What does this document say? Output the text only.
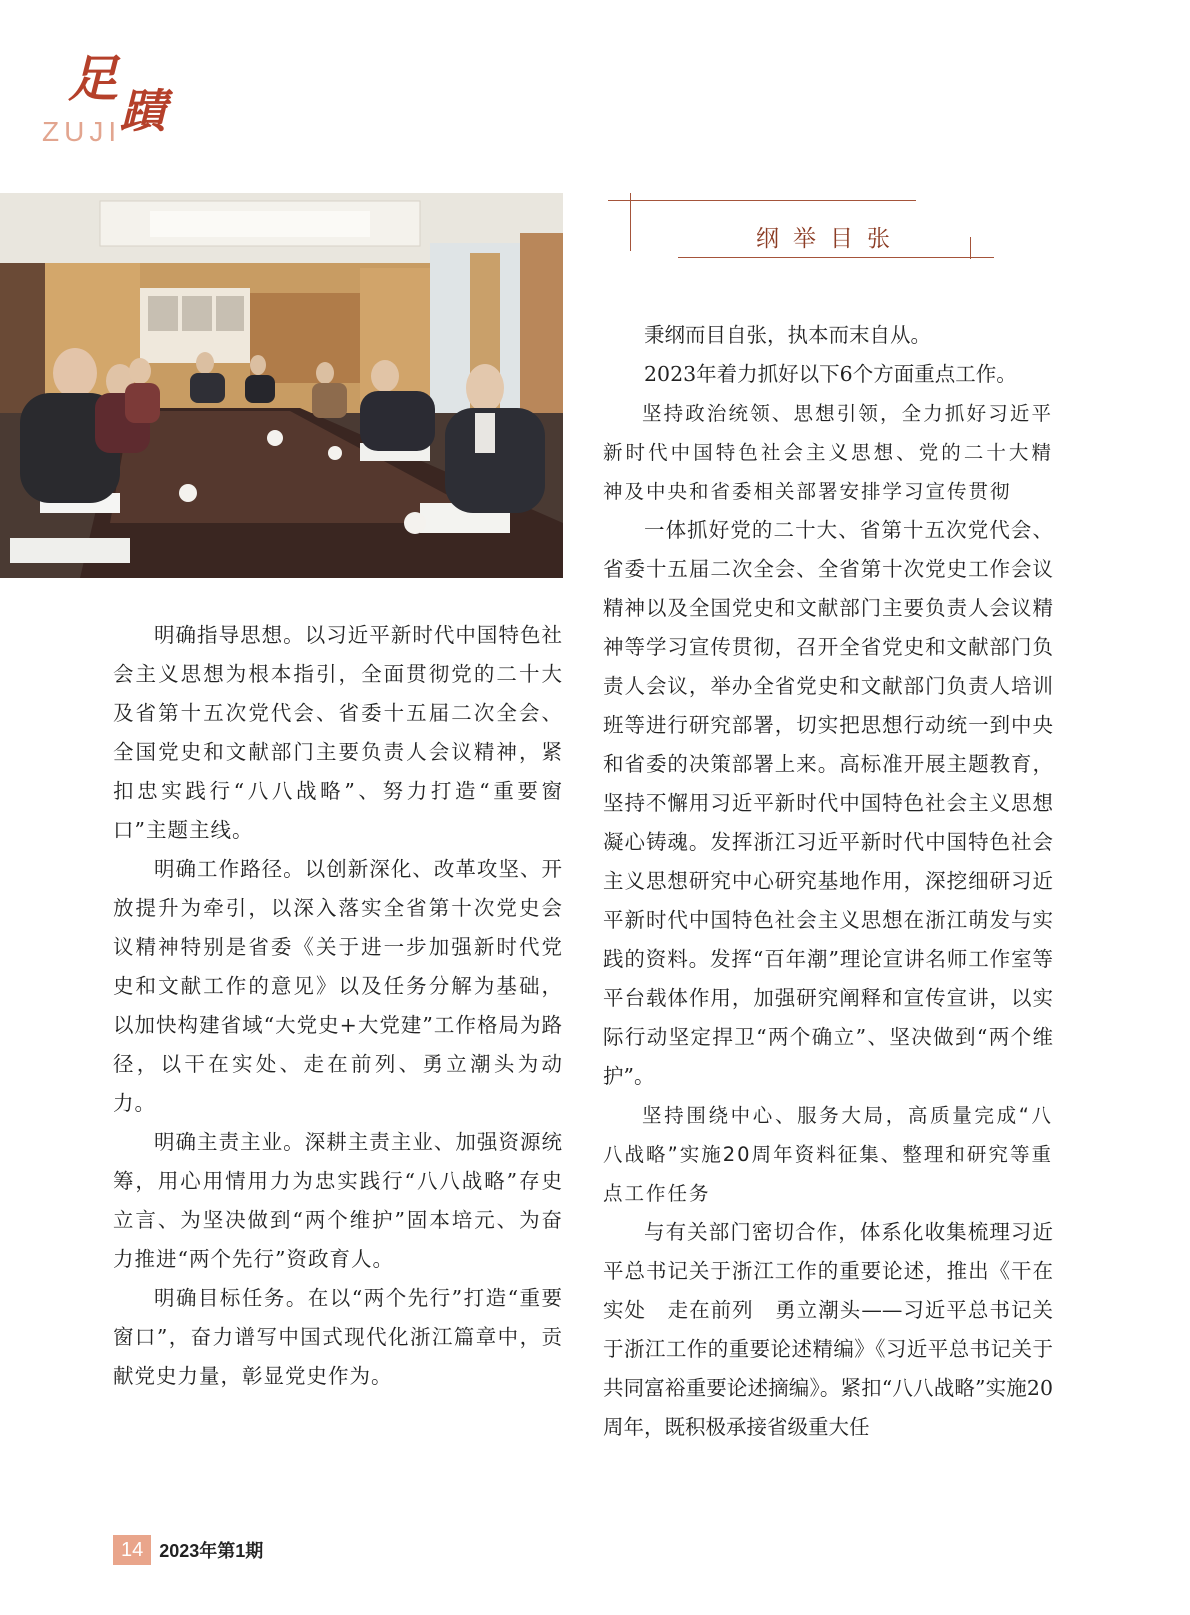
足
蹟
ZUJI
纲举目张

明确指导思想。以习近平新时代中国特色社会主义思想为根本指引，全面贯彻党的二十大及省第十五次党代会、省委十五届二次全会、全国党史和文献部门主要负责人会议精神，紧扣忠实践行“八八战略”、努力打造“重要窗口”主题主线。

明确工作路径。以创新深化、改革攻坚、开放提升为牵引，以深入落实全省第十次党史会议精神特别是省委《关于进一步加强新时代党史和文献工作的意见》以及任务分解为基础，以加快构建省域“大党史+大党建”工作格局为路径，以干在实处、走在前列、勇立潮头为动力。

明确主责主业。深耕主责主业、加强资源统筹，用心用情用力为忠实践行“八八战略”存史立言、为坚决做到“两个维护”固本培元、为奋力推进“两个先行”资政育人。

明确目标任务。在以“两个先行”打造“重要窗口”，奋力谱写中国式现代化浙江篇章中，贡献党史力量，彰显党史作为。

秉纲而目自张，执本而末自从。

2023年着力抓好以下6个方面重点工作。

坚持政治统领、思想引领，全力抓好习近平新时代中国特色社会主义思想、党的二十大精神及中央和省委相关部署安排学习宣传贯彻

一体抓好党的二十大、省第十五次党代会、省委十五届二次全会、全省第十次党史工作会议精神以及全国党史和文献部门主要负责人会议精神等学习宣传贯彻，召开全省党史和文献部门负责人会议，举办全省党史和文献部门负责人培训班等进行研究部署，切实把思想行动统一到中央和省委的决策部署上来。高标准开展主题教育，坚持不懈用习近平新时代中国特色社会主义思想凝心铸魂。发挥浙江习近平新时代中国特色社会主义思想研究中心研究基地作用，深挖细研习近平新时代中国特色社会主义思想在浙江萌发与实践的资料。发挥“百年潮”理论宣讲名师工作室等平台载体作用，加强研究阐释和宣传宣讲，以实际行动坚定捍卫“两个确立”、坚决做到“两个维护”。

坚持围绕中心、服务大局，高质量完成“八八战略”实施20周年资料征集、整理和研究等重点工作任务

与有关部门密切合作，体系化收集梳理习近平总书记关于浙江工作的重要论述，推出《干在实处　走在前列　勇立潮头——习近平总书记关于浙江工作的重要论述精编》《习近平总书记关于共同富裕重要论述摘编》。紧扣“八八战略”实施20周年，既积极承接省级重大任

14 2023年第1期
